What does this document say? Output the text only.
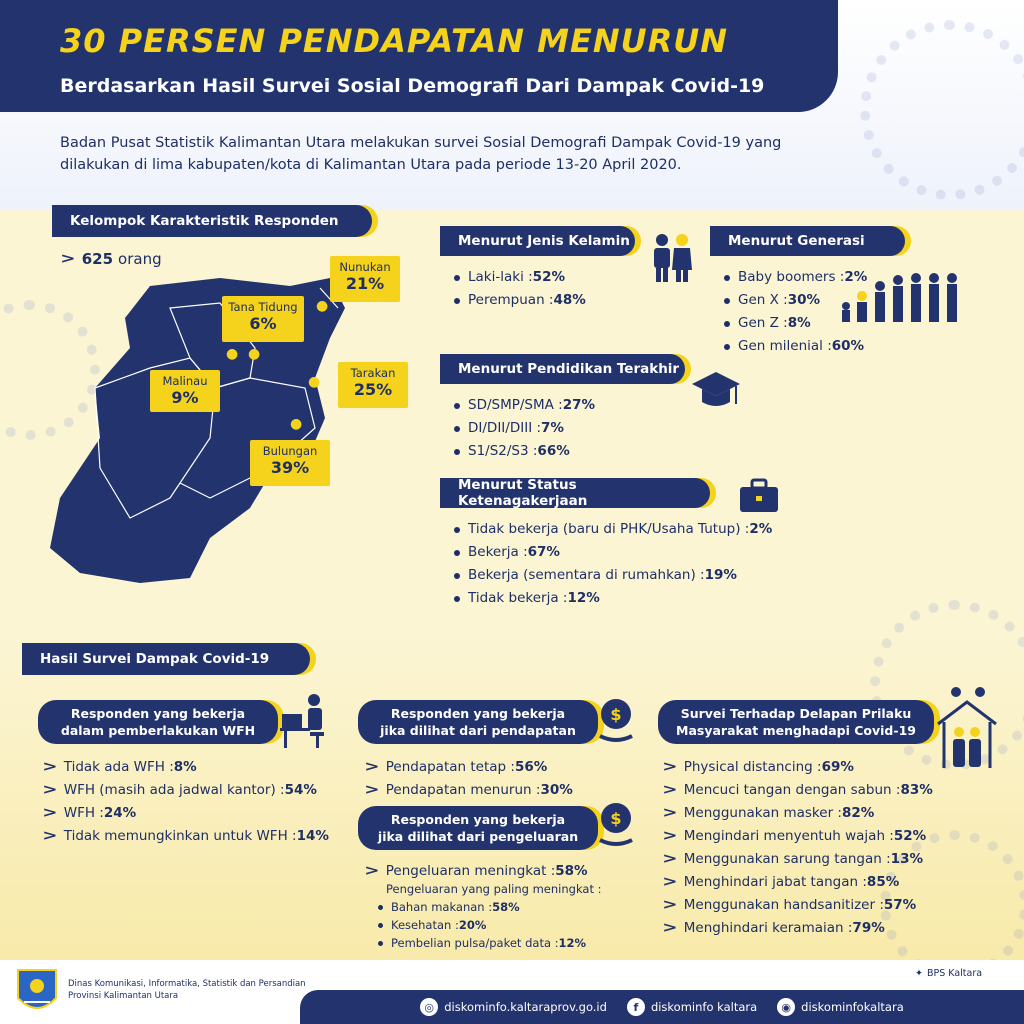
30 PERSEN PENDAPATAN MENURUN
Berdasarkan Hasil Survei Sosial Demografi Dari Dampak Covid-19
Badan Pusat Statistik Kalimantan Utara melakukan survei Sosial Demografi Dampak Covid-19 yang dilakukan di lima kabupaten/kota di Kalimantan Utara pada periode 13-20 April 2020.
Kelompok Karakteristik Responden
> 625 orang
●
●
●
●
●
Nunukan
21%
Tana Tidung
6%
Malinau
9%
Tarakan
25%
Bulungan
39%
Menurut Jenis Kelamin
Laki-laki : 52%
Perempuan : 48%
Menurut Generasi
Baby boomers : 2%
Gen X : 30%
Gen Z : 8%
Gen milenial : 60%
Menurut Pendidikan Terakhir
SD/SMP/SMA : 27%
DI/DII/DIII : 7%
S1/S2/S3 : 66%
Menurut Status Ketenagakerjaan
Tidak bekerja (baru di PHK/Usaha Tutup) : 2%
Bekerja : 67%
Bekerja (sementara di rumahkan) : 19%
Tidak bekerja : 12%
Hasil Survei Dampak Covid-19
Responden yang bekerja
dalam pemberlakukan WFH
> Tidak ada WFH : 8%
> WFH (masih ada jadwal kantor) : 54%
> WFH : 24%
> Tidak memungkinkan untuk WFH : 14%
Responden yang bekerja
jika dilihat dari pendapatan
$
> Pendapatan tetap : 56%
> Pendapatan menurun : 30%
Responden yang bekerja
jika dilihat dari pengeluaran
$
> Pengeluaran meningkat : 58%
Pengeluaran yang paling meningkat :
Bahan makanan : 58%
Kesehatan : 20%
Pembelian pulsa/paket data : 12%
Survei Terhadap Delapan Prilaku
Masyarakat menghadapi Covid-19
> Physical distancing : 69%
> Mencuci tangan dengan sabun : 83%
> Menggunakan masker : 82%
> Mengindari menyentuh wajah : 52%
> Menggunakan sarung tangan : 13%
> Menghindari jabat tangan : 85%
> Menggunakan handsanitizer : 57%
> Menghindari keramaian : 79%
Dinas Komunikasi, Informatika, Statistik dan Persandian
Provinsi Kalimantan Utara
✦ BPS Kaltara
◎ diskominfo.kaltaraprov.go.id	f	diskominfo kaltara	◉ diskominfokaltara
